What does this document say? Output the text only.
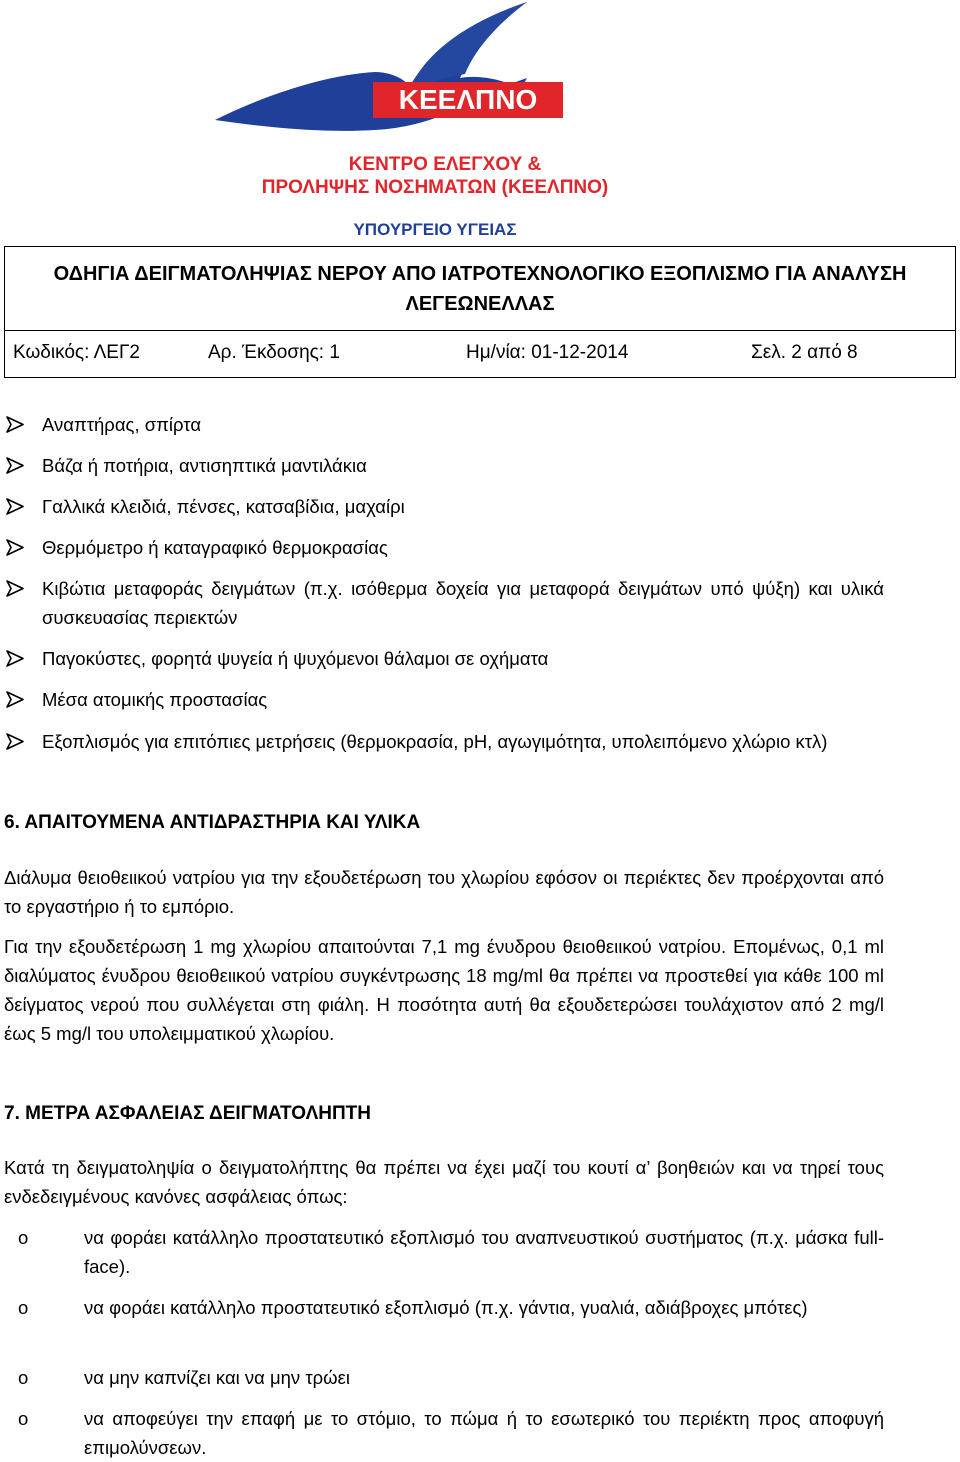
ΚΕΕΛΠΝΟ
ΚΕΝΤΡΟ ΕΛΕΓΧΟΥ &
ΠΡΟΛΗΨΗΣ ΝΟΣΗΜΑΤΩΝ (ΚΕΕΛΠΝΟ)
ΥΠΟΥΡΓΕΙΟ ΥΓΕΙΑΣ
ΟΔΗΓΙΑ ΔΕΙΓΜΑΤΟΛΗΨΙΑΣ ΝΕΡΟΥ ΑΠΟ ΙΑΤΡΟΤΕΧΝΟΛΟΓΙΚΟ ΕΞΟΠΛΙΣΜΟ ΓΙΑ ΑΝΑΛΥΣΗ ΛΕΓΕΩΝΕΛΛΑΣ
Κωδικός: ΛΕΓ2	Αρ. Έκδοσης: 1	Ημ/νία: 01-12-2014	Σελ. 2 από 8
Αναπτήρας, σπίρτα
Βάζα ή ποτήρια, αντισηπτικά μαντιλάκια
Γαλλικά κλειδιά, πένσες, κατσαβίδια, μαχαίρι
Θερμόμετρο ή καταγραφικό θερμοκρασίας
Κιβώτια μεταφοράς δειγμάτων (π.χ. ισόθερμα δοχεία για μεταφορά δειγμάτων υπό ψύξη) και υλικά συσκευασίας περιεκτών
Παγοκύστες, φορητά ψυγεία ή ψυχόμενοι θάλαμοι σε οχήματα
Μέσα ατομικής προστασίας
Εξοπλισμός για επιτόπιες μετρήσεις (θερμοκρασία, pH, αγωγιμότητα, υπολειπόμενο χλώριο κτλ)
6. ΑΠΑΙΤΟΥΜΕΝΑ ΑΝΤΙΔΡΑΣΤΗΡΙΑ ΚΑΙ ΥΛΙΚΑ
Διάλυμα θειοθειικού νατρίου για την εξουδετέρωση του χλωρίου εφόσον οι περιέκτες δεν προέρχονται από το εργαστήριο ή το εμπόριο.
Για την εξουδετέρωση 1 mg χλωρίου απαιτούνται 7,1 mg ένυδρου θειοθειικού νατρίου. Επομένως, 0,1 ml διαλύματος ένυδρου θειοθειικού νατρίου συγκέντρωσης 18 mg/ml θα πρέπει να προστεθεί για κάθε 100 ml δείγματος νερού που συλλέγεται στη φιάλη. Η ποσότητα αυτή θα εξουδετερώσει τουλάχιστον από 2 mg/l έως 5 mg/l του υπολειμματικού χλωρίου.
7. ΜΕΤΡΑ ΑΣΦΑΛΕΙΑΣ ΔΕΙΓΜΑΤΟΛΗΠΤΗ
Κατά τη δειγματοληψία ο δειγματολήπτης θα πρέπει να έχει μαζί του κουτί α’ βοηθειών και να τηρεί τους ενδεδειγμένους κανόνες ασφάλειας όπως:
o	να φοράει κατάλληλο προστατευτικό εξοπλισμό του αναπνευστικού συστήματος (π.χ. μάσκα full-face).
o	να φοράει κατάλληλο προστατευτικό εξοπλισμό (π.χ. γάντια, γυαλιά, αδιάβροχες μπότες)
o	να μην καπνίζει και να μην τρώει
o	να αποφεύγει την επαφή με το στόμιο, το πώμα ή το εσωτερικό του περιέκτη προς αποφυγή επιμολύνσεων.
